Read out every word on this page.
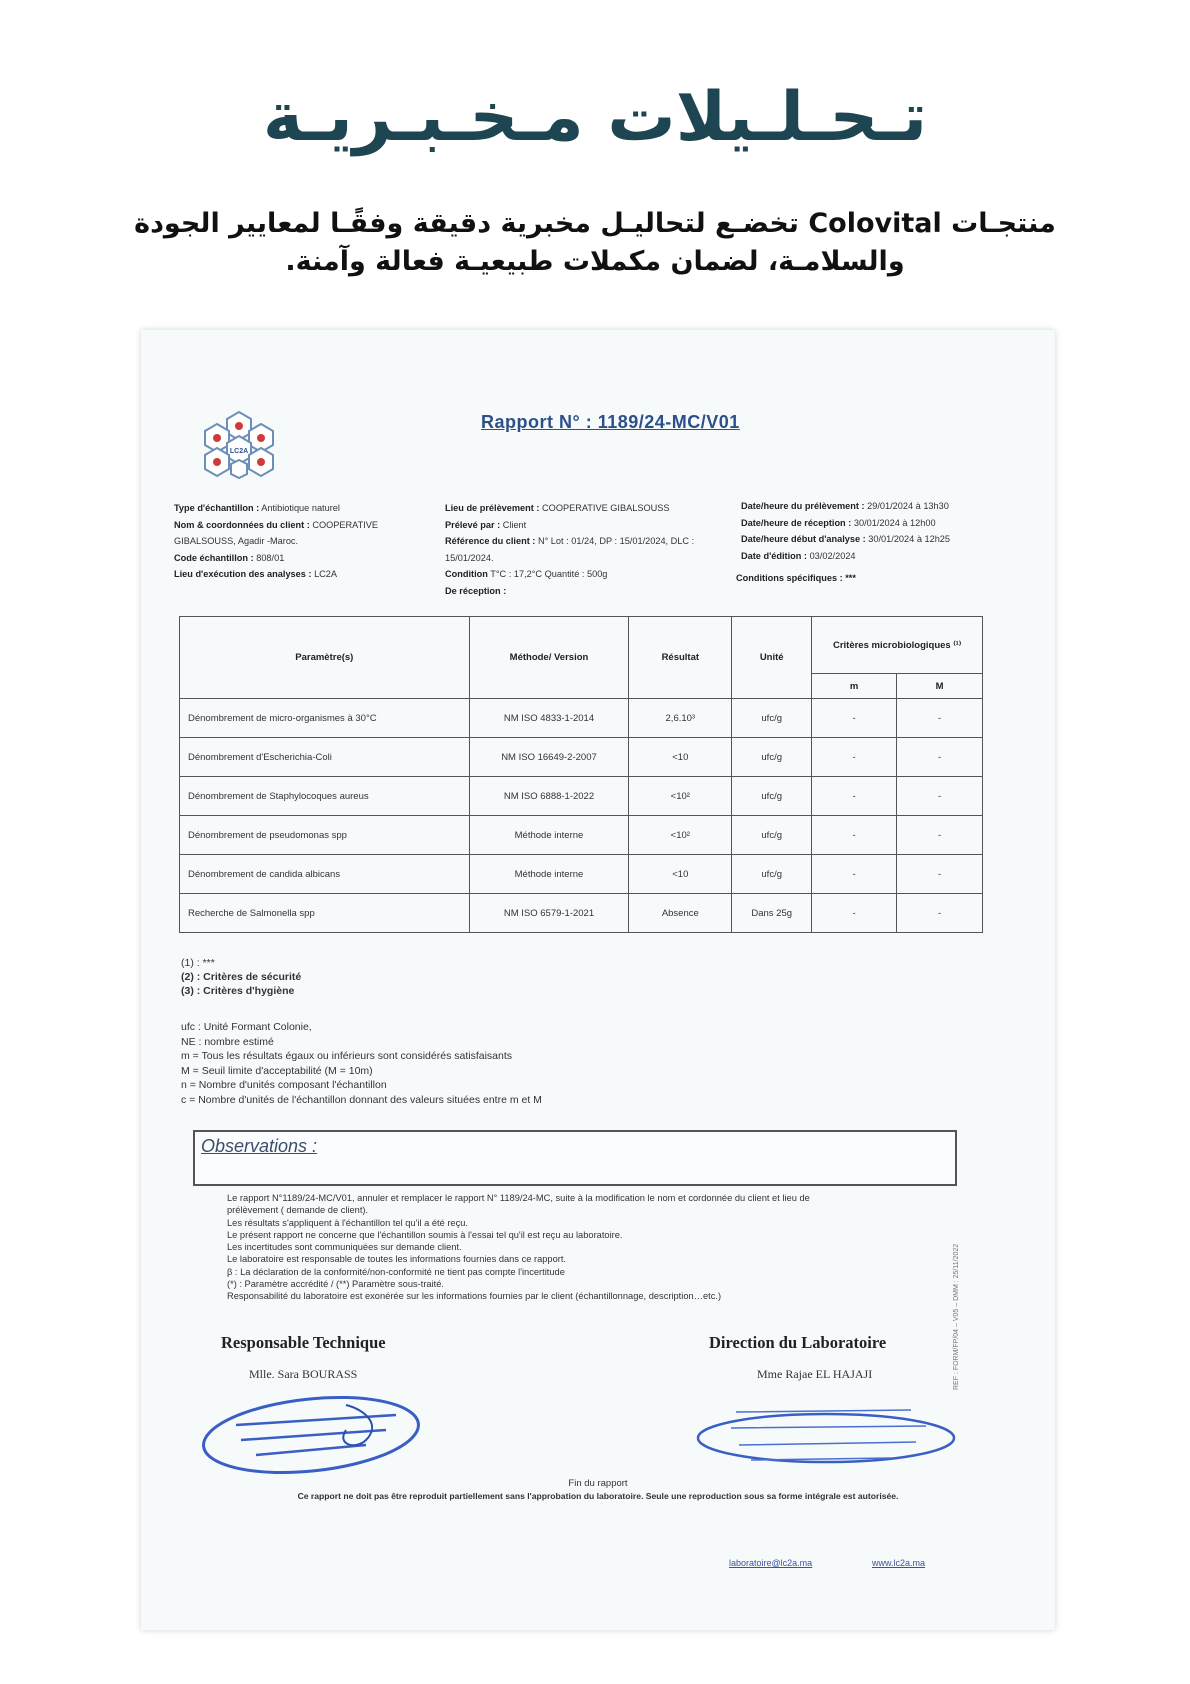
تـحـلـيلات مـخـبـريـة
منتجـات Colovital تخضـع لتحاليـل مخبرية دقيقة وفقًـا لمعايير الجودة
والسلامـة، لضمان مكملات طبيعيـة فعالة وآمنة.
LC2A
Rapport N° : 1189/24-MC/V01
Type d'échantillon : Antibiotique naturel
Nom & coordonnées du client : COOPERATIVE GIBALSOUSS, Agadir -Maroc.
Code échantillon : 808/01
Lieu d'exécution des analyses : LC2A
Lieu de prélèvement : COOPERATIVE GIBALSOUSS
Prélevé par : Client
Référence du client : N° Lot : 01/24, DP : 15/01/2024, DLC : 15/01/2024.
Condition T°C : 17,2°C Quantité : 500g
De réception :
Date/heure du prélèvement : 29/01/2024 à 13h30
Date/heure de réception : 30/01/2024 à 12h00
Date/heure début d'analyse : 30/01/2024 à 12h25
Date d'édition : 03/02/2024
Conditions spécifiques : ***
Paramètre(s)	Méthode/ Version	Résultat	Unité	Critères microbiologiques ⁽¹⁾	
				m	M
Dénombrement de micro-organismes à 30°C	NM ISO 4833-1-2014	2,6.10³	ufc/g	-	-
Dénombrement d'Escherichia-Coli	NM ISO 16649-2-2007	<10	ufc/g	-	-
Dénombrement de Staphylocoques aureus	NM ISO 6888-1-2022	<10²	ufc/g	-	-
Dénombrement de pseudomonas spp	Méthode interne	<10²	ufc/g	-	-
Dénombrement de candida albicans	Méthode interne	<10	ufc/g	-	-
Recherche de Salmonella spp	NM ISO 6579-1-2021	Absence	Dans 25g	-	-
(1) : ***
(2) : Critères de sécurité
(3) : Critères d'hygiène
ufc : Unité Formant Colonie,
NE : nombre estimé
m = Tous les résultats égaux ou inférieurs sont considérés satisfaisants
M = Seuil limite d'acceptabilité (M = 10m)
n = Nombre d'unités composant l'échantillon
c = Nombre d'unités de l'échantillon donnant des valeurs situées entre m et M
Observations :
Le rapport N°1189/24-MC/V01, annuler et remplacer le rapport N° 1189/24-MC, suite à la modification le nom et cordonnée du client et lieu de
prélèvement ( demande de client).
Les résultats s'appliquent à l'échantillon tel qu'il a été reçu.
Le présent rapport ne concerne que l'échantillon soumis à l'essai tel qu'il est reçu au laboratoire.
Les incertitudes sont communiquées sur demande client.
Le laboratoire est responsable de toutes les informations fournies dans ce rapport.
β : La déclaration de la conformité/non-conformité ne tient pas compte l'incertitude
(*) : Paramètre accrédité / (**) Paramètre sous-traité.
Responsabilité du laboratoire est exonérée sur les informations fournies par le client (échantillonnage, description…etc.)
Responsable Technique
Mlle. Sara BOURASS
Direction du Laboratoire
Mme Rajae EL HAJAJI
Fin du rapport
Ce rapport ne doit pas être reproduit partiellement sans l'approbation du laboratoire. Seule une reproduction sous sa forme intégrale est autorisée.
laboratoire@lc2a.ma	www.lc2a.ma
REF : FORM/FP/04 – V05 – DMM : 25/11/2022
